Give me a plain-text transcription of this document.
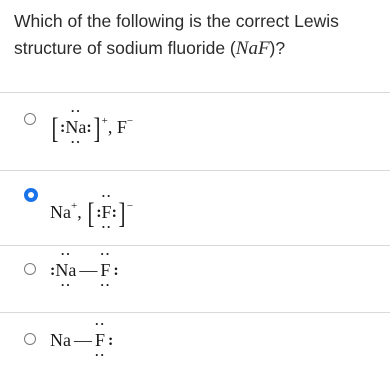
Which of the following is the correct Lewis structure of sodium fluoride (NaF)?
[:
··
Na
··
:] +, F−
Na+, [:
··
F
··
:] −
:
··
Na
··
—
··
F
··
:
Na —
··
F
··
:
